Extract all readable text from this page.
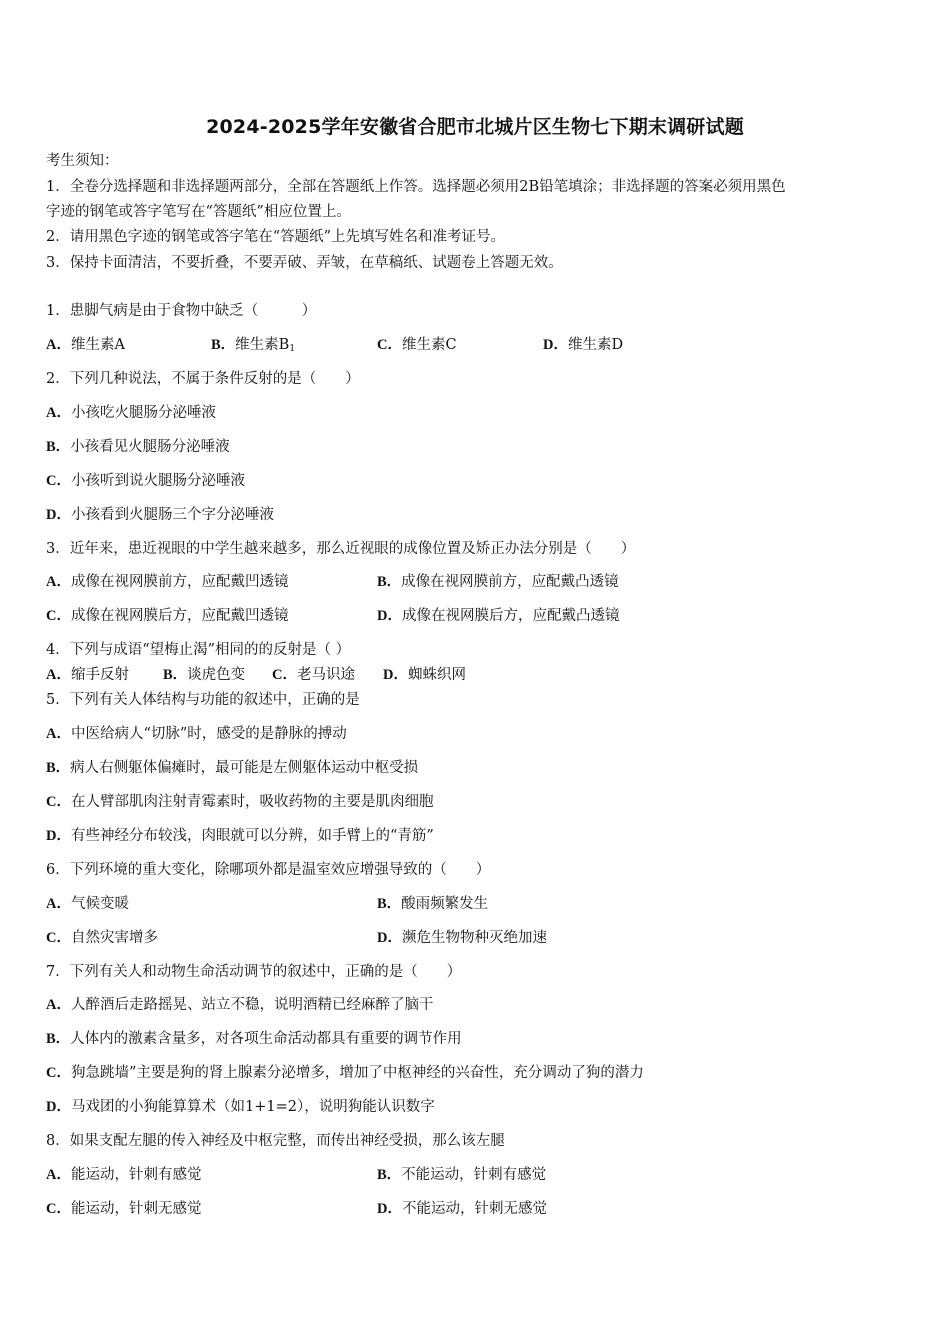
2024-2025学年安徽省合肥市北城片区生物七下期末调研试题
考生须知：
1．全卷分选择题和非选择题两部分，全部在答题纸上作答。选择题必须用2B铅笔填涂；非选择题的答案必须用黑色
字迹的钢笔或答字笔写在“答题纸”相应位置上。
2．请用黑色字迹的钢笔或答字笔在“答题纸”上先填写姓名和准考证号。
3．保持卡面清洁，不要折叠，不要弄破、弄皱，在草稿纸、试题卷上答题无效。
1．患脚气病是由于食物中缺乏（　　　）
A．维生素A	B．维生素$B_1$	C．维生素C	D．维生素D
2．下列几种说法，不属于条件反射的是（　　）
A．小孩吃火腿肠分泌唾液
B．小孩看见火腿肠分泌唾液
C．小孩听到说火腿肠分泌唾液
D．小孩看到火腿肠三个字分泌唾液
3．近年来，患近视眼的中学生越来越多，那么近视眼的成像位置及矫正办法分别是（　　）
A．成像在视网膜前方，应配戴凹透镜	B．成像在视网膜前方，应配戴凸透镜
C．成像在视网膜后方，应配戴凹透镜	D．成像在视网膜后方，应配戴凸透镜
4．下列与成语“望梅止渴”相同的的反射是（ ）
A．缩手反射 B．谈虎色变 C．老马识途 D．蜘蛛织网
5．下列有关人体结构与功能的叙述中，正确的是
A．中医给病人“切脉”时，感受的是静脉的搏动
B．病人右侧躯体偏瘫时，最可能是左侧躯体运动中枢受损
C．在人臂部肌肉注射青霉素时，吸收药物的主要是肌肉细胞
D．有些神经分布较浅，肉眼就可以分辨，如手臂上的“青筋”
6．下列环境的重大变化，除哪项外都是温室效应增强导致的（　　）
A．气候变暖	B．酸雨频繁发生
C．自然灾害增多	D．濒危生物物种灭绝加速
7．下列有关人和动物生命活动调节的叙述中，正确的是（　　）
A．人醉酒后走路摇晃、站立不稳，说明酒精已经麻醉了脑干
B．人体内的激素含量多，对各项生命活动都具有重要的调节作用
C．狗急跳墙”主要是狗的肾上腺素分泌增多，增加了中枢神经的兴奋性，充分调动了狗的潜力
D．马戏团的小狗能算算术（如1+1=2），说明狗能认识数字
8．如果支配左腿的传入神经及中枢完整，而传出神经受损，那么该左腿
A．能运动，针刺有感觉	B．不能运动，针刺有感觉
C．能运动，针刺无感觉	D．不能运动，针刺无感觉
